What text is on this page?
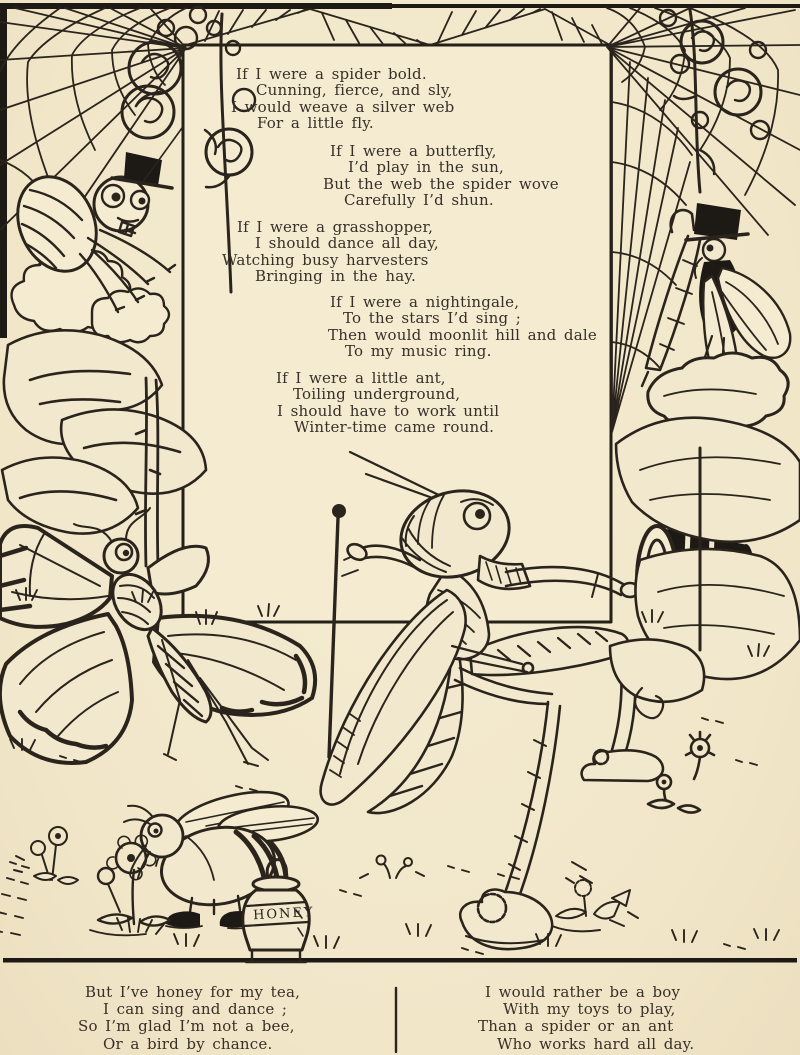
HONEY
If I were a spider bold.
Cunning, fierce, and sly,
I would weave a silver web
For a little fly.
If I were a butterfly,
I’d play in the sun,
But the web the spider wove
Carefully I’d shun.
If I were a grasshopper,
I should dance all day,
Watching busy harvesters
Bringing in the hay.
If I were a nightingale,
To the stars I’d sing ;
Then would moonlit hill and dale
To my music ring.
If I were a little ant,
Toiling underground,
I should have to work until
Winter-time came round.
But I’ve honey for my tea,
I can sing and dance ;
So I’m glad I’m not a bee,
Or a bird by chance.
I would rather be a boy
With my toys to play,
Than a spider or an ant
Who works hard all day.
